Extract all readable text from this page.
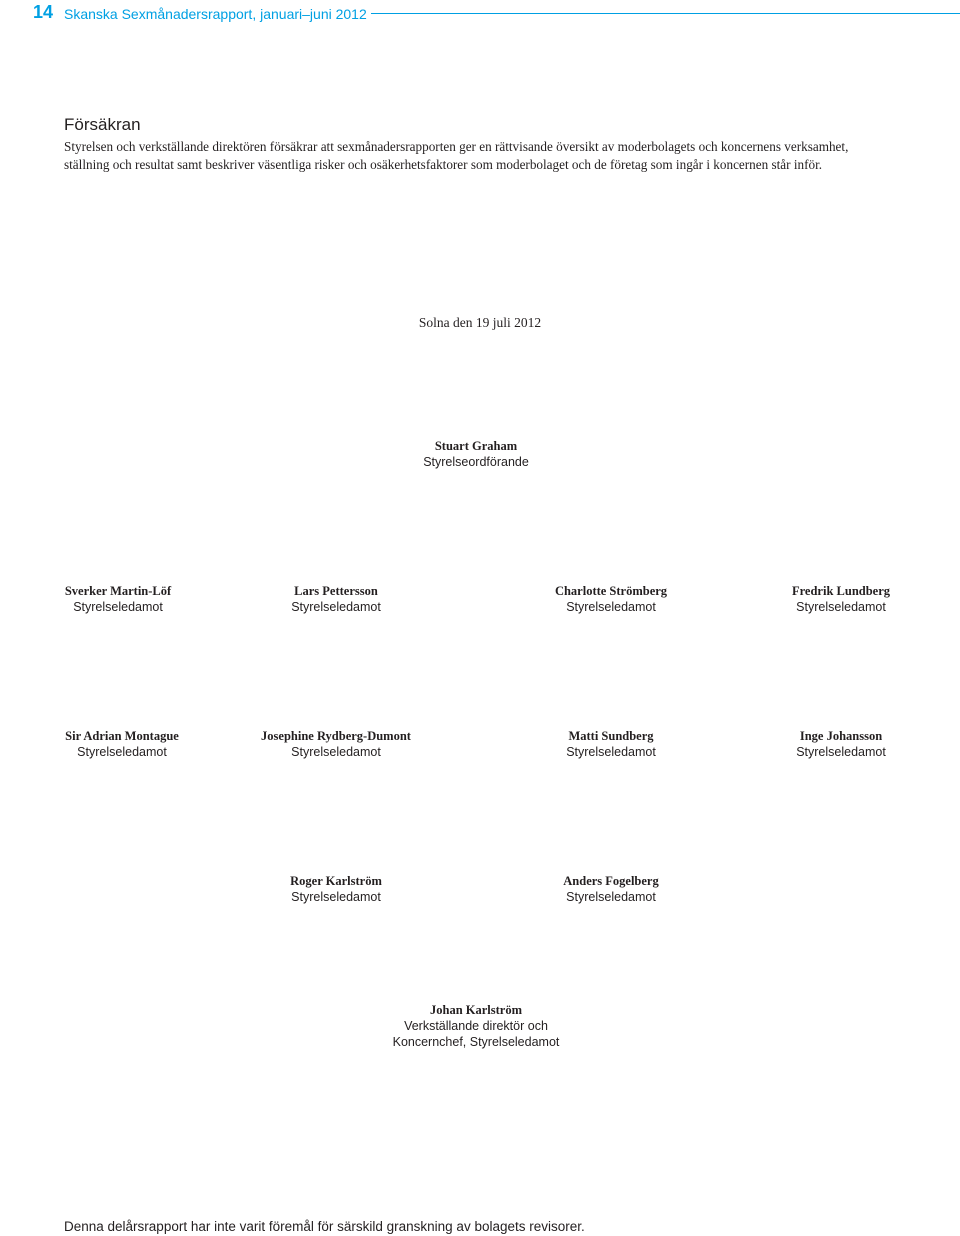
14 Skanska Sexmånadersrapport, januari–juni 2012
Försäkran

Styrelsen och verkställande direktören försäkrar att sexmånadersrapporten ger en rättvisande översikt av moderbolagets och koncernens verksamhet, ställning och resultat samt beskriver väsentliga risker och osäkerhetsfaktorer som moderbolaget och de företag som ingår i koncernen står inför.

Solna den 19 juli 2012
Stuart Graham
Styrelseordförande
Sverker Martin-Löf
Styrelseledamot
Lars Pettersson
Styrelseledamot
Charlotte Strömberg
Styrelseledamot
Fredrik Lundberg
Styrelseledamot
Sir Adrian Montague
Styrelseledamot
Josephine Rydberg-Dumont
Styrelseledamot
Matti Sundberg
Styrelseledamot
Inge Johansson
Styrelseledamot
Roger Karlström
Styrelseledamot
Anders Fogelberg
Styrelseledamot
Johan Karlström
Verkställande direktör och
Koncernchef, Styrelseledamot
Denna delårsrapport har inte varit föremål för särskild granskning av bolagets revisorer.
